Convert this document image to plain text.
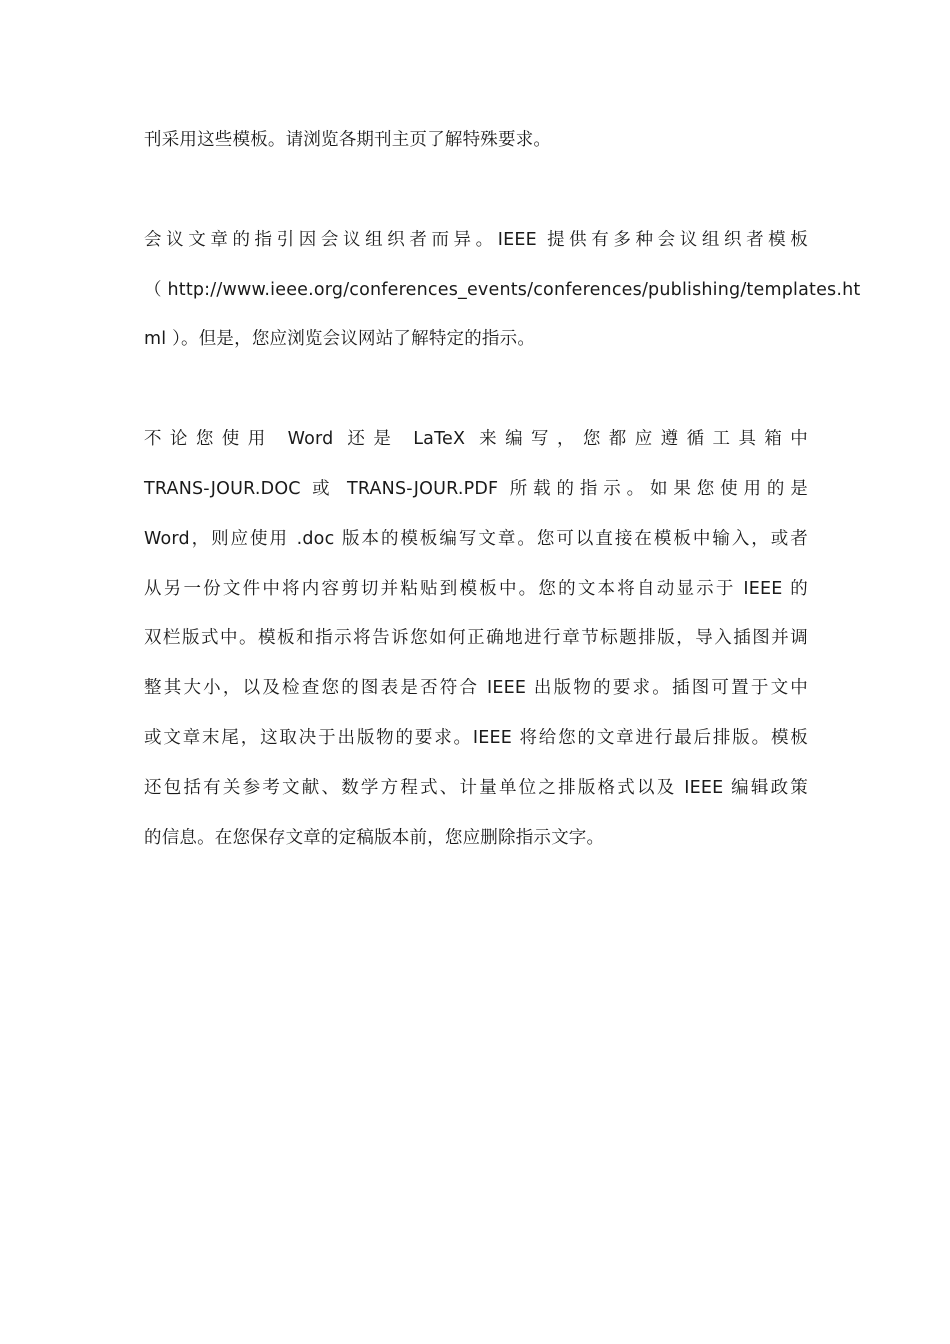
刊采用这些模板。请浏览各期刊主页了解特殊要求。

会议文章的指引因会议组织者而异。IEEE 提供有多种会议组织者模板
（ http://www.ieee.org/conferences_events/conferences/publishing/templates.ht
ml ）。但是，您应浏览会议网站了解特定的指示。

不论您使用 Word 还是 LaTeX 来编写，您都应遵循工具箱中
TRANS-JOUR.DOC 或 TRANS-JOUR.PDF 所载的指示。如果您使用的是
Word，则应使用 .doc 版本的模板编写文章。您可以直接在模板中输入，或者
从另一份文件中将内容剪切并粘贴到模板中。您的文本将自动显示于 IEEE 的
双栏版式中。模板和指示将告诉您如何正确地进行章节标题排版，导入插图并调
整其大小，以及检查您的图表是否符合 IEEE 出版物的要求。插图可置于文中
或文章末尾，这取决于出版物的要求。IEEE 将给您的文章进行最后排版。模板
还包括有关参考文献、数学方程式、计量单位之排版格式以及 IEEE 编辑政策
的信息。在您保存文章的定稿版本前，您应删除指示文字。
